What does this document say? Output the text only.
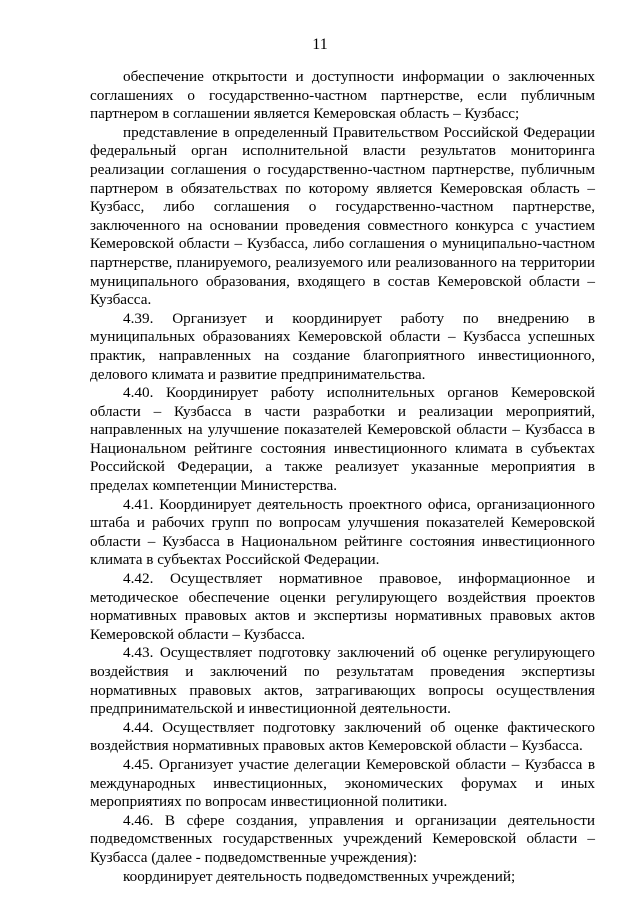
11

обеспечение открытости и доступности информации о заключенных соглашениях о государственно-частном партнерстве, если публичным партнером в соглашении является Кемеровская область – Кузбасс;

представление в определенный Правительством Российской Федерации федеральный орган исполнительной власти результатов мониторинга реализации соглашения о государственно-частном партнерстве, публичным партнером в обязательствах по которому является Кемеровская область – Кузбасс, либо соглашения о государственно-частном партнерстве, заключенного на основании проведения совместного конкурса с участием Кемеровской области – Кузбасса, либо соглашения о муниципально-частном партнерстве, планируемого, реализуемого или реализованного на территории муниципального образования, входящего в состав Кемеровской области – Кузбасса.

4.39. Организует и координирует работу по внедрению в муниципальных образованиях Кемеровской области – Кузбасса успешных практик, направленных на создание благоприятного инвестиционного, делового климата и развитие предпринимательства.

4.40. Координирует работу исполнительных органов Кемеровской области – Кузбасса в части разработки и реализации мероприятий, направленных на улучшение показателей Кемеровской области – Кузбасса в Национальном рейтинге состояния инвестиционного климата в субъектах Российской Федерации, а также реализует указанные мероприятия в пределах компетенции Министерства.

4.41. Координирует деятельность проектного офиса, организационного штаба и рабочих групп по вопросам улучшения показателей Кемеровской области – Кузбасса в Национальном рейтинге состояния инвестиционного климата в субъектах Российской Федерации.

4.42. Осуществляет нормативное правовое, информационное и методическое обеспечение оценки регулирующего воздействия проектов нормативных правовых актов и экспертизы нормативных правовых актов Кемеровской области – Кузбасса.

4.43. Осуществляет подготовку заключений об оценке регулирующего воздействия и заключений по результатам проведения экспертизы нормативных правовых актов, затрагивающих вопросы осуществления предпринимательской и инвестиционной деятельности.

4.44. Осуществляет подготовку заключений об оценке фактического воздействия нормативных правовых актов Кемеровской области – Кузбасса.

4.45. Организует участие делегации Кемеровской области – Кузбасса в международных инвестиционных, экономических форумах и иных мероприятиях по вопросам инвестиционной политики.

4.46. В сфере создания, управления и организации деятельности подведомственных государственных учреждений Кемеровской области – Кузбасса (далее - подведомственные учреждения):

координирует деятельность подведомственных учреждений;
